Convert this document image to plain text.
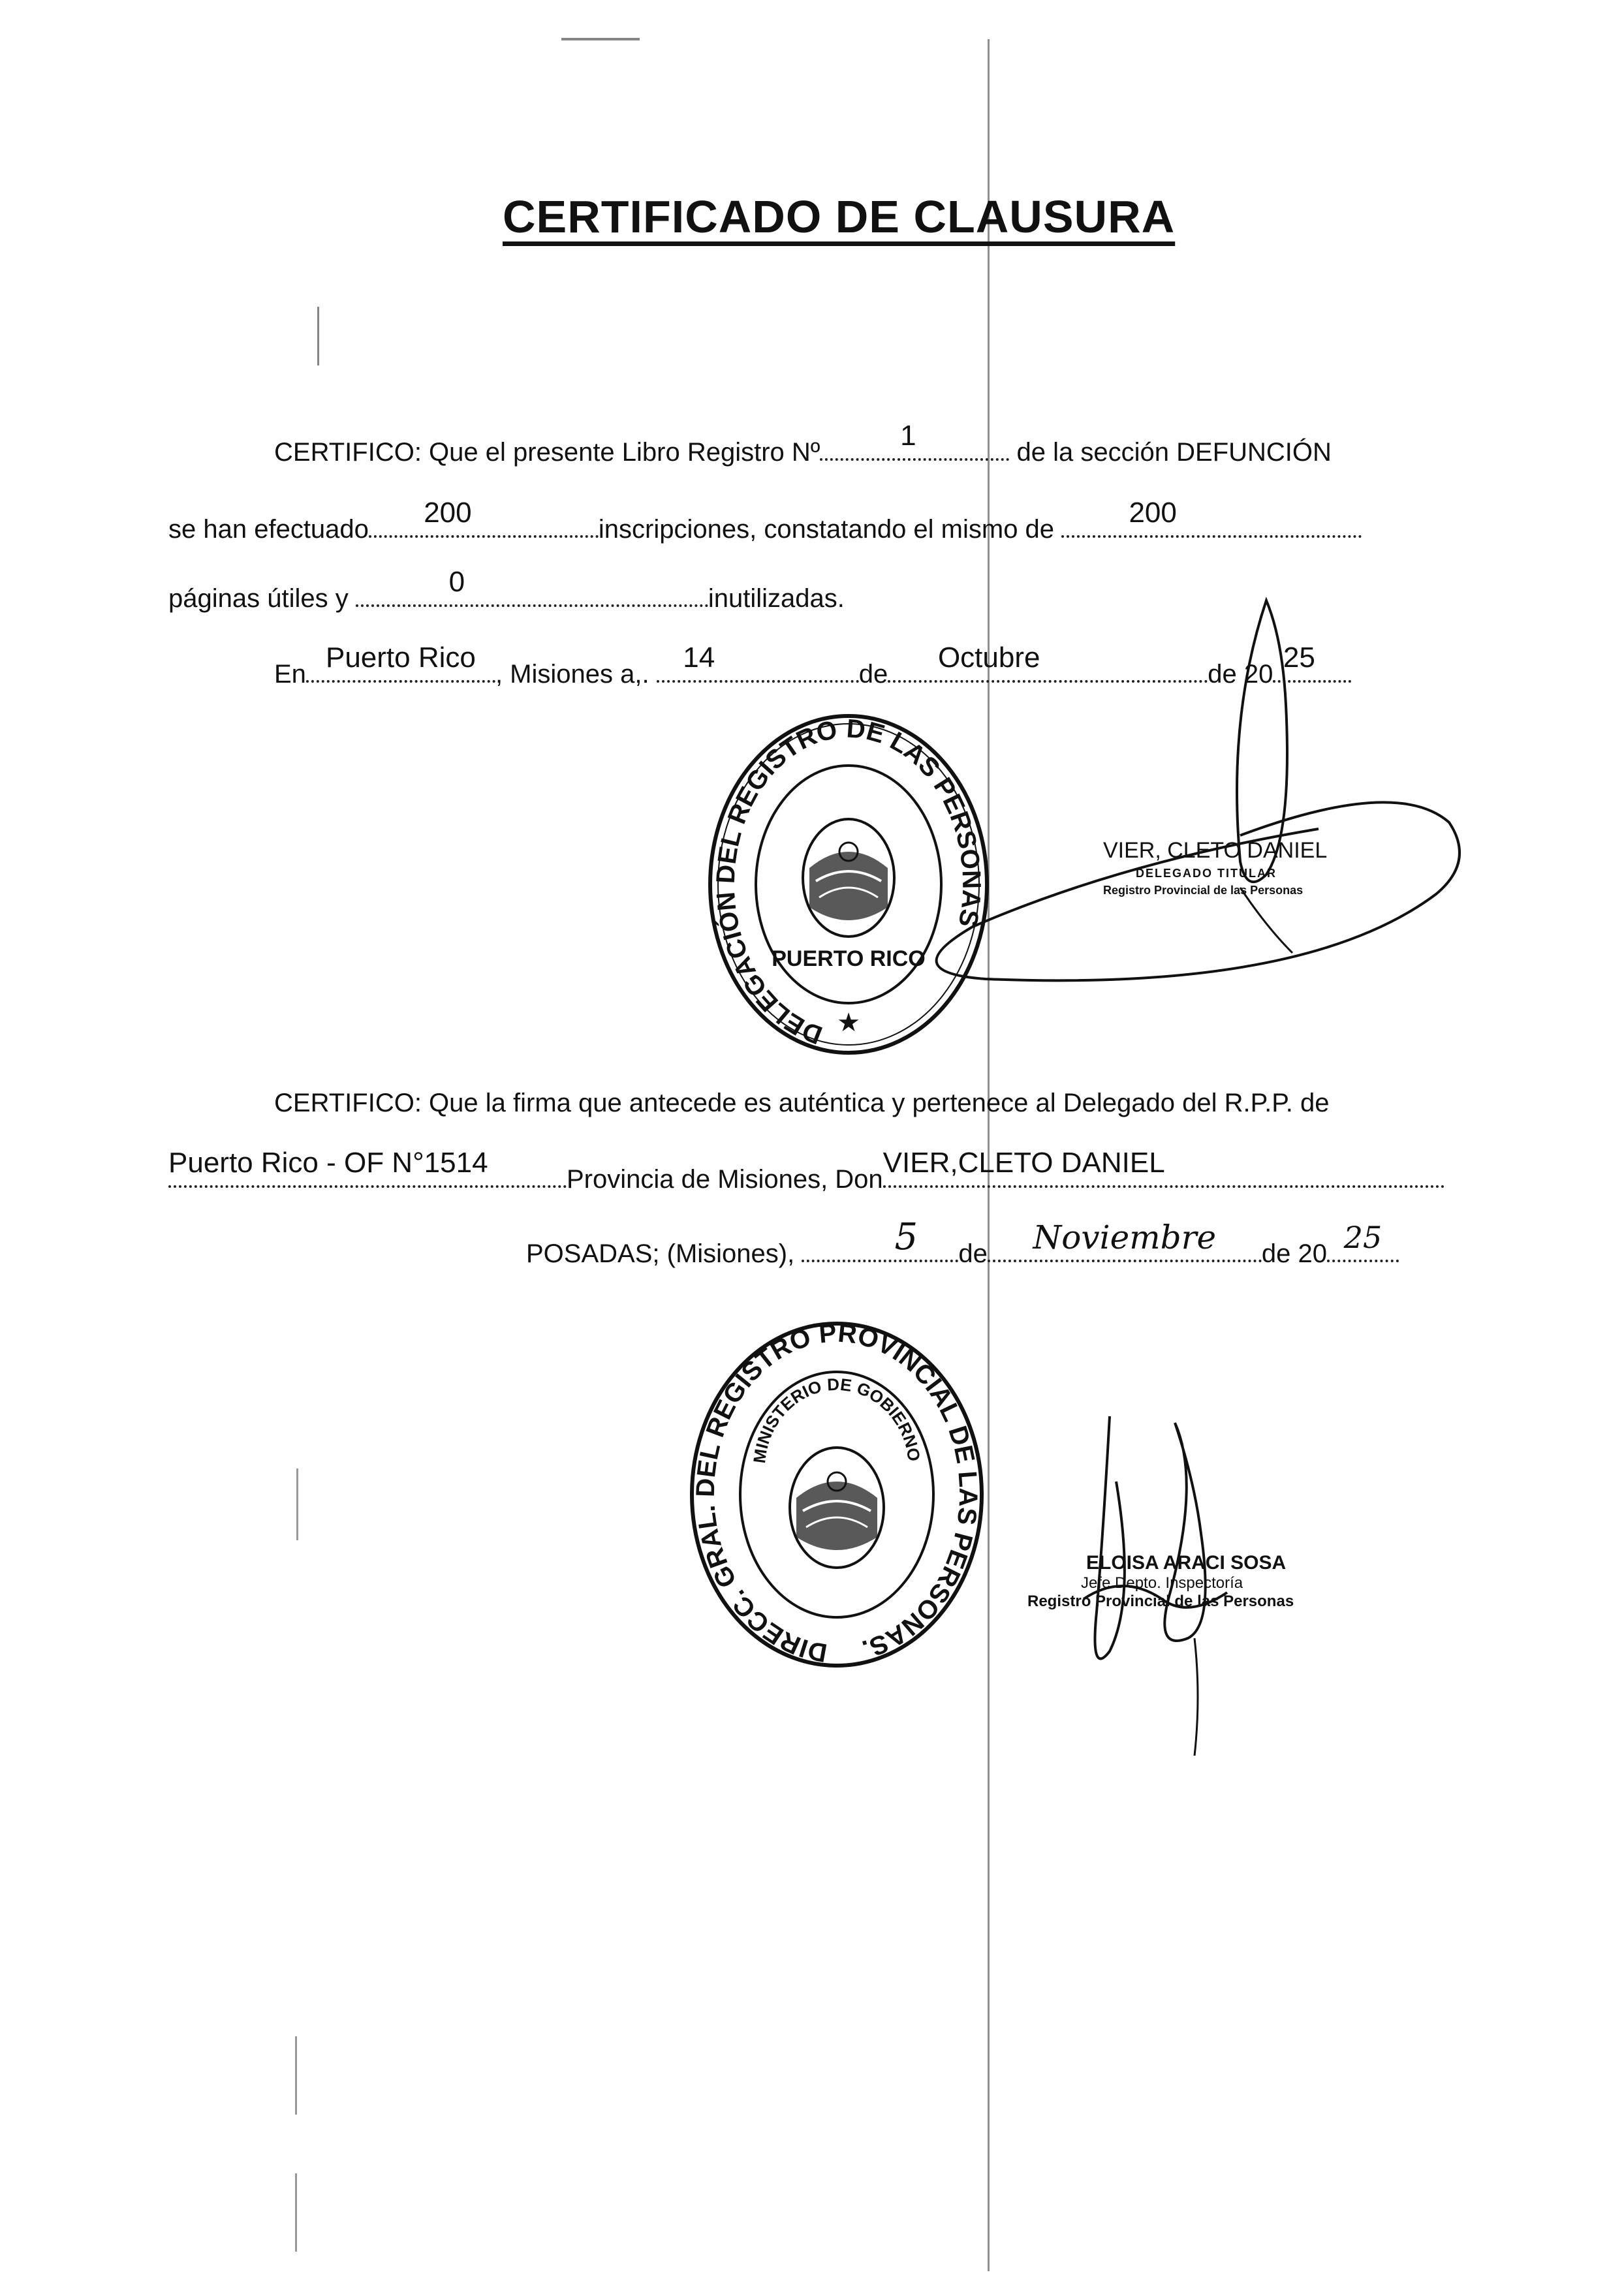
CERTIFICADO DE CLAUSURA
CERTIFICO: Que el presente Libro Registro Nº
1
de la sección DEFUNCIÓN
se han efectuado
200
inscripciones, constatando el mismo de
200
páginas útiles y
0
inutilizadas.
En
Puerto Rico
, Misiones a,.
14
de
Octubre
de 20
25
DELEGACIÓN DEL REGISTRO DE LAS PERSONAS
PUERTO RICO
★
VIER, CLETO DANIEL
DELEGADO TITULAR
Registro Provincial de las Personas
CERTIFICO: Que la firma que antecede es auténtica y pertenece al Delegado del R.P.P. de
Puerto Rico - OF N°1514
Provincia de Misiones, Don
VIER,CLETO DANIEL
POSADAS; (Misiones),	5	de	Noviembre	de 20 25
DIRECC. GRAL. DEL REGISTRO PROVINCIAL DE LAS PERSONAS.
MINISTERIO DE GOBIERNO
ELOISA ARACI SOSA
Jefe Depto. Inspectoría
Registro Provincial de las Personas
